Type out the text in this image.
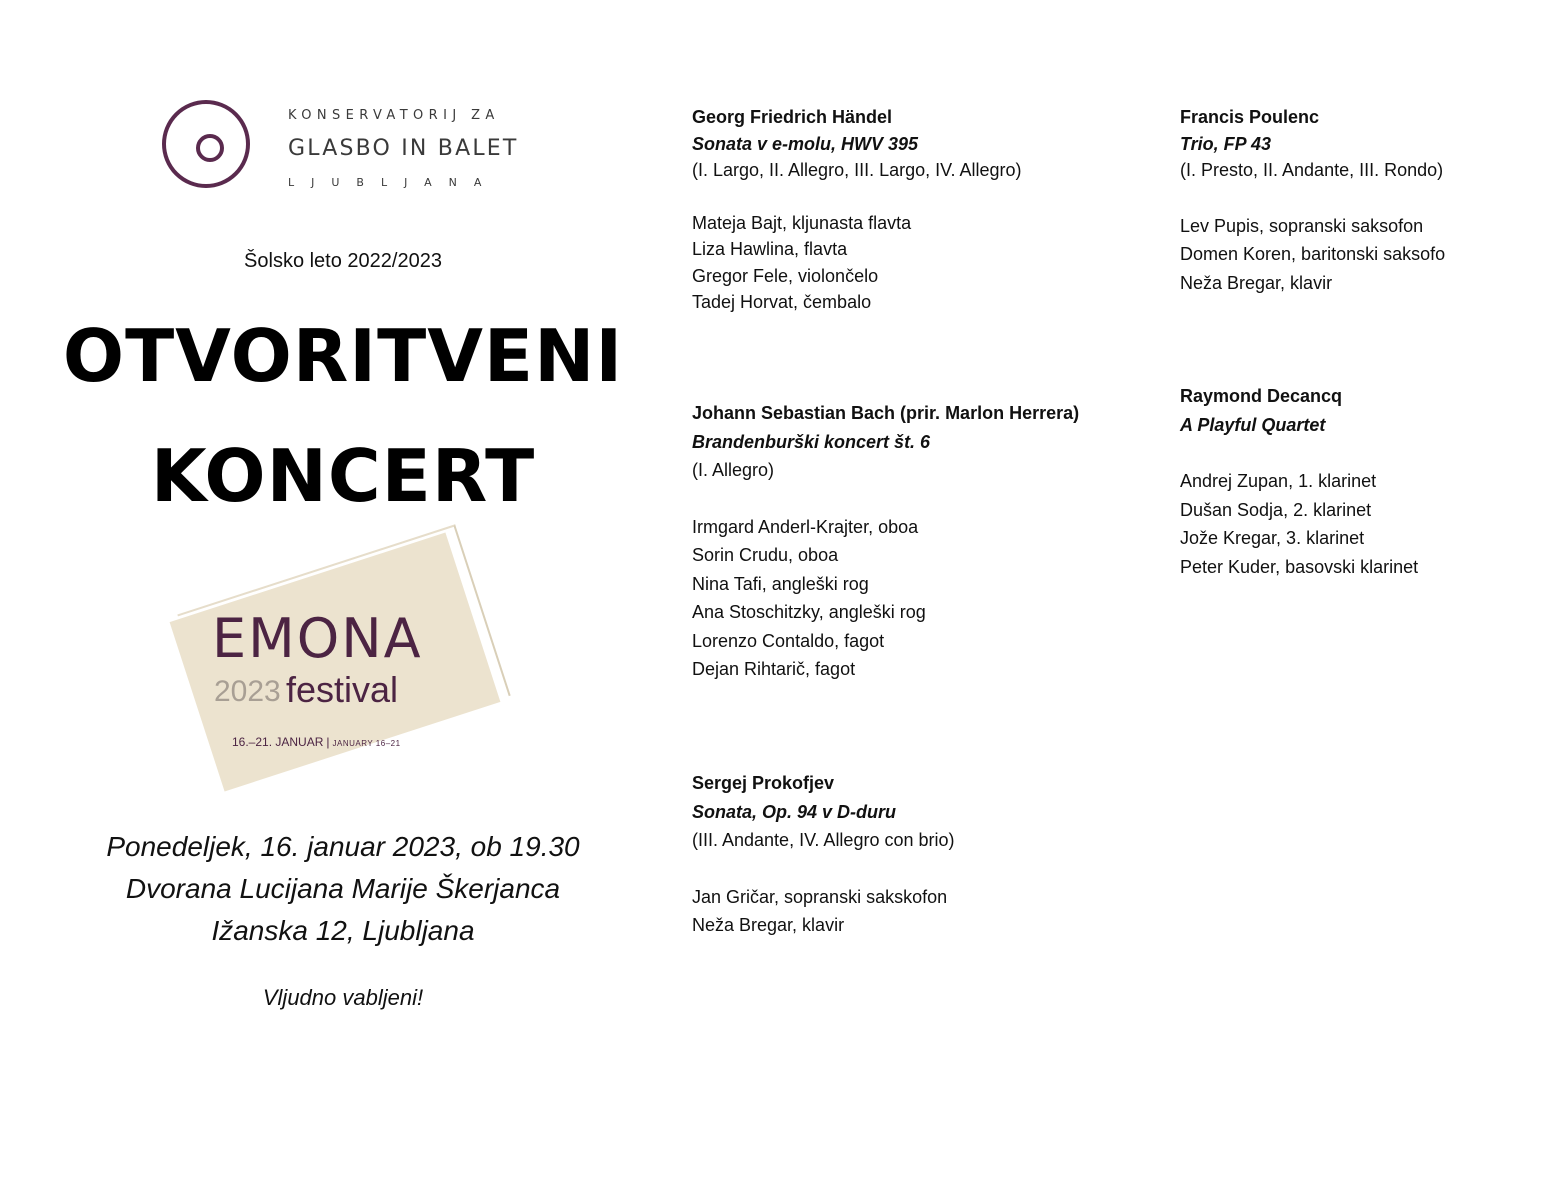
KONSERVATORIJ ZA
GLASBO IN BALET
LJUBLJANA
Šolsko leto 2022/2023
OTVORITVENI
KONCERT
EMONA
2023 festival
16.–21. JANUAR | JANUARY 16–21
Ponedeljek, 16. januar 2023, ob 19.30
Dvorana Lucijana Marije Škerjanca
Ižanska 12, Ljubljana
Vljudno vabljeni!
Georg Friedrich Händel
Sonata v e-molu, HWV 395
(I. Largo, II. Allegro, III. Largo, IV. Allegro)
Mateja Bajt, kljunasta flavta
Liza Hawlina, flavta
Gregor Fele, violončelo
Tadej Horvat, čembalo
Johann Sebastian Bach (prir. Marlon Herrera)
Brandenburški koncert št. 6
(I. Allegro)
Irmgard Anderl-Krajter, oboa
Sorin Crudu, oboa
Nina Tafi, angleški rog
Ana Stoschitzky, angleški rog
Lorenzo Contaldo, fagot
Dejan Rihtarič, fagot
Sergej Prokofjev
Sonata, Op. 94 v D-duru
(III. Andante, IV. Allegro con brio)
Jan Gričar, sopranski sakskofon
Neža Bregar, klavir
Francis Poulenc
Trio, FP 43
(I. Presto, II. Andante, III. Rondo)
Lev Pupis, sopranski saksofon
Domen Koren, baritonski saksofo
Neža Bregar, klavir
Raymond Decancq
A Playful Quartet
Andrej Zupan, 1. klarinet
Dušan Sodja, 2. klarinet
Jože Kregar, 3. klarinet
Peter Kuder, basovski klarinet
